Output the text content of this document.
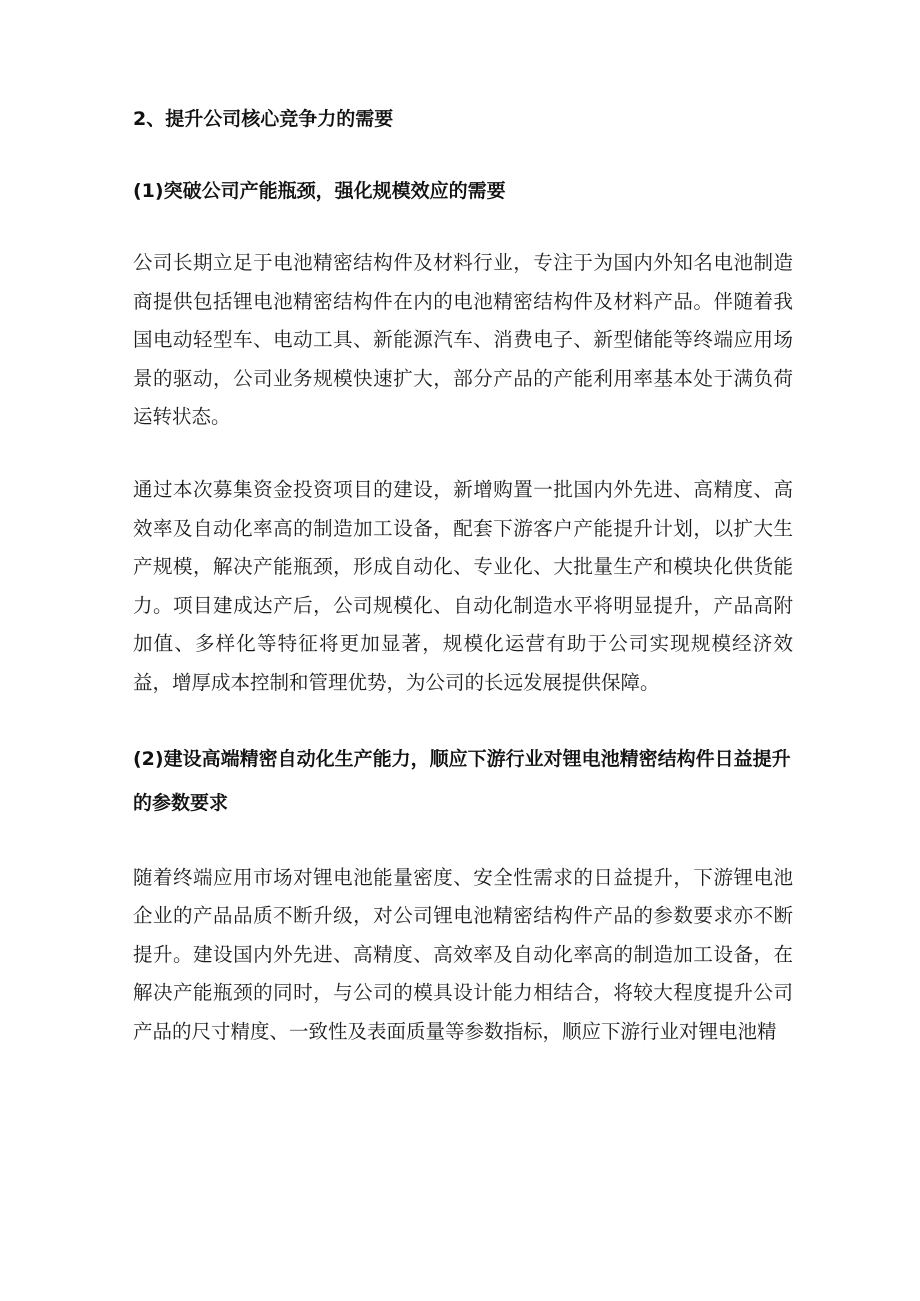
2、提升公司核心竞争力的需要

(1)突破公司产能瓶颈，强化规模效应的需要

公司长期立足于电池精密结构件及材料行业，专注于为国内外知名电池制造商提供包括锂电池精密结构件在内的电池精密结构件及材料产品。伴随着我国电动轻型车、电动工具、新能源汽车、消费电子、新型储能等终端应用场景的驱动，公司业务规模快速扩大，部分产品的产能利用率基本处于满负荷运转状态。

通过本次募集资金投资项目的建设，新增购置一批国内外先进、高精度、高效率及自动化率高的制造加工设备，配套下游客户产能提升计划，以扩大生产规模，解决产能瓶颈，形成自动化、专业化、大批量生产和模块化供货能力。项目建成达产后，公司规模化、自动化制造水平将明显提升，产品高附加值、多样化等特征将更加显著，规模化运营有助于公司实现规模经济效益，增厚成本控制和管理优势，为公司的长远发展提供保障。

(2)建设高端精密自动化生产能力，顺应下游行业对锂电池精密结构件日益提升的参数要求

随着终端应用市场对锂电池能量密度、安全性需求的日益提升，下游锂电池企业的产品品质不断升级，对公司锂电池精密结构件产品的参数要求亦不断提升。建设国内外先进、高精度、高效率及自动化率高的制造加工设备，在解决产能瓶颈的同时，与公司的模具设计能力相结合，将较大程度提升公司产品的尺寸精度、一致性及表面质量等参数指标，顺应下游行业对锂电池精
